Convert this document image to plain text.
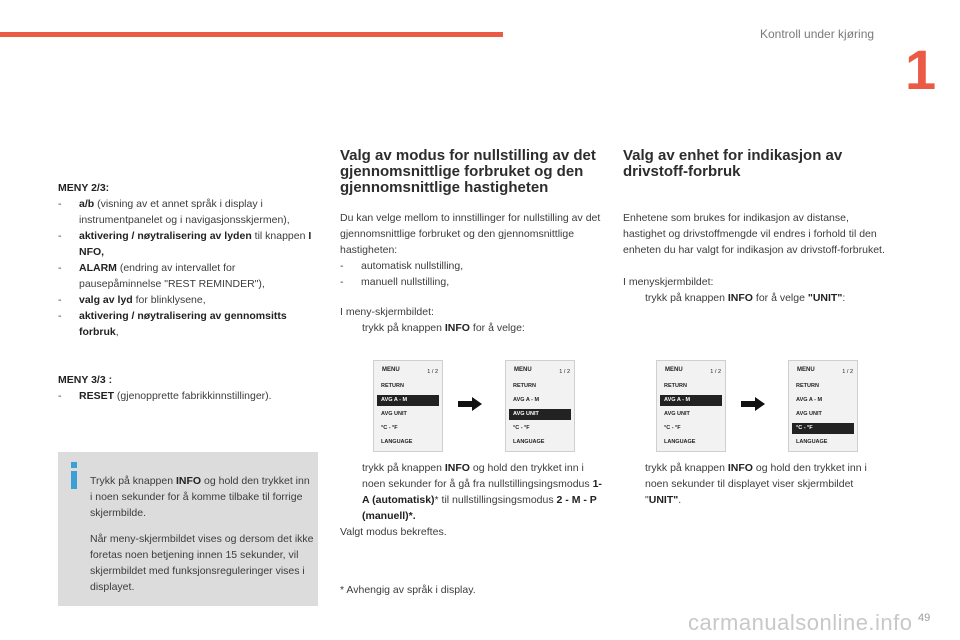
Kontroll under kjøring
1

MENY 2/3:

- a/b (visning av et annet språk i display i instrumentpanelet og i navigasjonsskjermen),
- aktivering / nøytralisering av lyden til knappen I NFO,
- ALARM (endring av intervallet for pausepåminnelse "REST REMINDER"),
- valg av lyd for blinklysene,
- aktivering / nøytralisering av gennomsitts forbruk,

MENY 3/3 :

- RESET (gjenopprette fabrikkinnstillinger).

Trykk på knappen INFO og hold den trykket inn i noen sekunder for å komme tilbake til forrige skjermbilde.

Når meny-skjermbildet vises og dersom det ikke foretas noen betjening innen 15 sekunder, vil skjermbildet med funksjonsreguleringer vises i displayet.

Valg av modus for nullstilling av det gjennomsnittlige forbruket og den gjennomsnittlige hastigheten

Du kan velge mellom to innstillinger for nullstilling av det gjennomsnittlige forbruket og den gjennomsnittlige hastigheten:

- automatisk nullstilling,
- manuell nullstilling,

I meny-skjermbildet:

trykk på knappen INFO for å velge:
trykk på knappen INFO og hold den trykket inn i noen sekunder for å gå fra nullstillingsingsmodus 1- A (automatisk)* til nullstillingsingsmodus 2 - M - P (manuell)*.

Valgt modus bekreftes.

* Avhengig av språk i display.

Valg av enhet for indikasjon av drivstoff-forbruk

Enhetene som brukes for indikasjon av distanse, hastighet og drivstoffmengde vil endres i forhold til den enheten du har valgt for indikasjon av drivstoff-forbruket.

I menyskjermbildet:

trykk på knappen INFO for å velge "UNIT":
trykk på knappen INFO og hold den trykket inn i noen sekunder til displayet viser skjermbildet "UNIT".
MENU	1 / 2
RETURN
AVG A - M
AVG UNIT
°C - °F
LANGUAGE
MENU	1 / 2
RETURN
AVG A - M
AVG UNIT
°C - °F
LANGUAGE
MENU	1 / 2
RETURN
AVG A - M
AVG UNIT
°C - °F
LANGUAGE
MENU	1 / 2
RETURN
AVG A - M
AVG UNIT
°C - °F
LANGUAGE
carmanualsonline.info 49
